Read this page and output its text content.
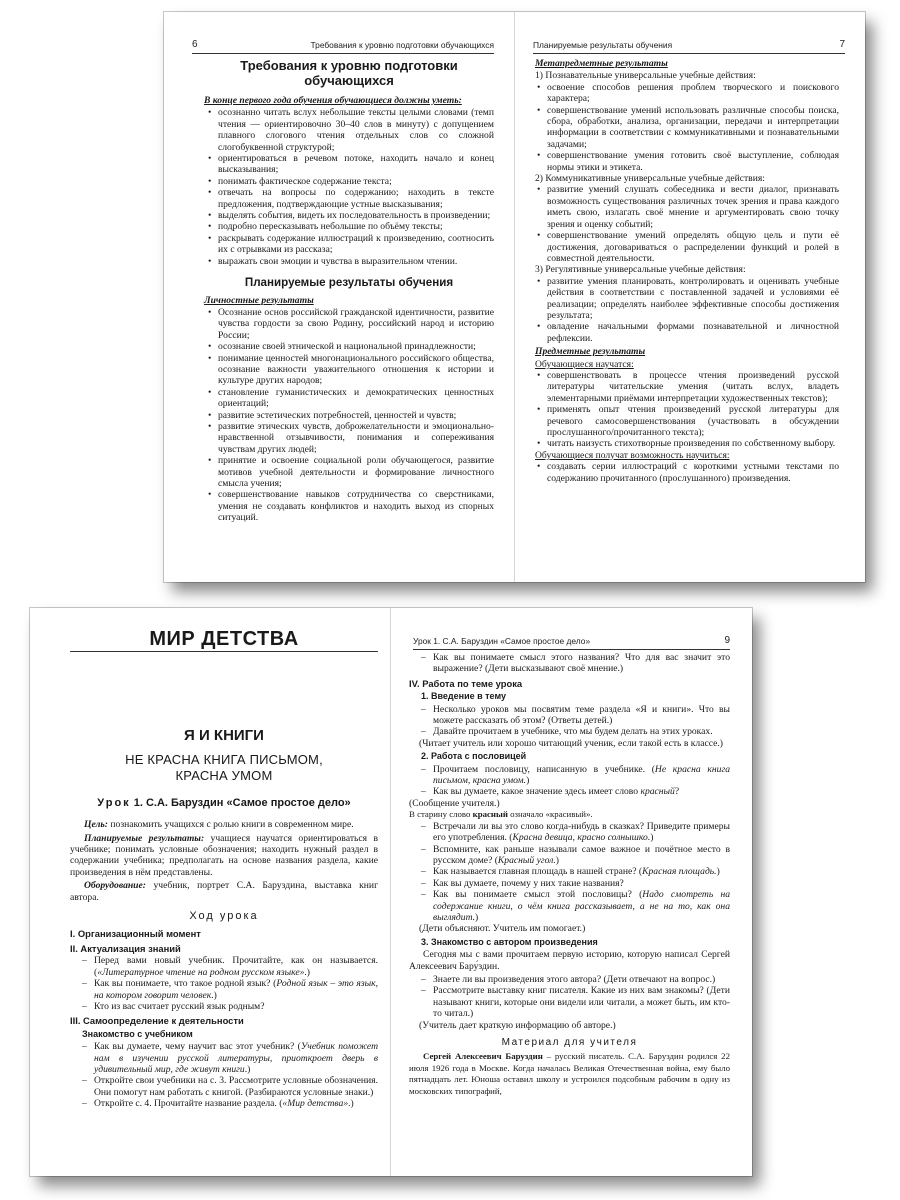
6	Требования к уровню подготовки обучающихся
Требования к уровню подготовки обучающихся
В конце первого года обучения обучающиеся должны уметь:
• осознанно читать вслух небольшие тексты целыми словами (темп чтения — ориентировочно 30–40 слов в минуту) с допущением плавного слогового чтения отдельных слов со сложной слогобуквенной структурой;
• ориентироваться в речевом потоке, находить начало и конец высказывания;
• понимать фактическое содержание текста;
• отвечать на вопросы по содержанию; находить в тексте предложения, подтверждающие устные высказывания;
• выделять события, видеть их последовательность в произведении;
• подробно пересказывать небольшие по объёму тексты;
• раскрывать содержание иллюстраций к произведению, соотносить их с отрывками из рассказа;
• выражать свои эмоции и чувства в выразительном чтении.
Планируемые результаты обучения
Личностные результаты
• Осознание основ российской гражданской идентичности, развитие чувства гордости за свою Родину, российский народ и историю России;
• осознание своей этнической и национальной принадлежности;
• понимание ценностей многонационального российского общества, осознание важности уважительного отношения к истории и культуре других народов;
• становление гуманистических и демократических ценностных ориентаций;
• развитие эстетических потребностей, ценностей и чувств;
• развитие этических чувств, доброжелательности и эмоционально-нравственной отзывчивости, понимания и сопереживания чувствам других людей;
• принятие и освоение социальной роли обучающегося, развитие мотивов учебной деятельности и формирование личностного смысла учения;
• совершенствование навыков сотрудничества со сверстниками, умения не создавать конфликтов и находить выход из спорных ситуаций.
Планируемые результаты обучения	7
Метапредметные результаты

1) Познавательные универсальные учебные действия:

• освоение способов решения проблем творческого и поискового характера;
• совершенствование умений использовать различные способы поиска, сбора, обработки, анализа, организации, передачи и интерпретации информации в соответствии с коммуникативными и познавательными задачами;
• совершенствование умения готовить своё выступление, соблюдая нормы этики и этикета.

2) Коммуникативные универсальные учебные действия:

• развитие умений слушать собеседника и вести диалог, признавать возможность существования различных точек зрения и права каждого иметь свою, излагать своё мнение и аргументировать свою точку зрения и оценку событий;
• совершенствование умений определять общую цель и пути её достижения, договариваться о распределении функций и ролей в совместной деятельности.

3) Регулятивные универсальные учебные действия:

• развитие умения планировать, контролировать и оценивать учебные действия в соответствии с поставленной задачей и условиями её реализации; определять наиболее эффективные способы достижения результата;
• овладение начальными формами познавательной и личностной рефлексии.
Предметные результаты

Обучающиеся научатся:

• совершенствовать в процессе чтения произведений русской литературы читательские умения (читать вслух, владеть элементарными приёмами интерпретации художественных текстов);
• применять опыт чтения произведений русской литературы для речевого самосовершенствования (участвовать в обсуждении прослушанного/прочитанного текста);
• читать наизусть стихотворные произведения по собственному выбору.

Обучающиеся получат возможность научиться:

• создавать серии иллюстраций с короткими устными текстами по содержанию прочитанного (прослушанного) произведения.
МИР ДЕТСТВА
Я И КНИГИ
НЕ КРАСНА КНИГА ПИСЬМОМ,
КРАСНА УМОМ
Урок 1. С.А. Баруздин «Самое простое дело»

Цель: познакомить учащихся с ролью книги в современном мире.

Планируемые результаты: учащиеся научатся ориентироваться в учебнике; понимать условные обозначения; находить нужный раздел в содержании учебника; предполагать на основе названия раздела, какие произведения в нём представлены.

Оборудование: учебник, портрет С.А. Баруздина, выставка книг автора.

Ход урока
I. Организационный момент
II. Актуализация знаний

– Перед вами новый учебник. Прочитайте, как он называется. («Литературное чтение на родном русском языке».)

– Как вы понимаете, что такое родной язык? (Родной язык – это язык, на котором говорит человек.)

– Кто из вас считает русский язык родным?

III. Самоопределение к деятельности
Знакомство с учебником

– Как вы думаете, чему научит вас этот учебник? (Учебник поможет нам в изучении русской литературы, приоткроет дверь в удивительный мир, где живут книги.)

– Откройте свои учебники на с. 3. Рассмотрите условные обозначения. Они помогут нам работать с книгой. (Разбираются условные знаки.)

– Откройте с. 4. Прочитайте название раздела. («Мир детства».)

Урок 1. С.А. Баруздин «Самое простое дело»	9

– Как вы понимаете смысл этого названия? Что для вас значит это выражение? (Дети высказывают своё мнение.)

IV. Работа по теме урока
1. Введение в тему

– Несколько уроков мы посвятим теме раздела «Я и книги». Что вы можете рассказать об этом? (Ответы детей.)

– Давайте прочитаем в учебнике, что мы будем делать на этих уроках.

(Читает учитель или хорошо читающий ученик, если такой есть в классе.)

2. Работа с пословицей

– Прочитаем пословицу, написанную в учебнике. (Не красна книга письмом, красна умом.)

– Как вы думаете, какое значение здесь имеет слово красный?

(Сообщение учителя.)

В старину слово красный означало «красивый».

– Встречали ли вы это слово когда-нибудь в сказках? Приведите примеры его употребления. (Красна девица, красно солнышко.)

– Вспомните, как раньше называли самое важное и почётное место в русском доме? (Красный угол.)

– Как называется главная площадь в нашей стране? (Красная площадь.)

– Как вы думаете, почему у них такие названия?

– Как вы понимаете смысл этой пословицы? (Надо смотреть на содержание книги, о чём книга рассказывает, а не на то, как она выглядит.)

(Дети объясняют. Учитель им помогает.)

3. Знакомство с автором произведения

Сегодня мы с вами прочитаем первую историю, которую написал Сергей Алексеевич Бару́здин.

– Знаете ли вы произведения этого автора? (Дети отвечают на вопрос.)

– Рассмотрите выставку книг писателя. Какие из них вам знакомы? (Дети называют книги, которые они видели или читали, а может быть, им кто-то читал.)

(Учитель дает краткую информацию об авторе.)

Материал для учителя

Сергей Алексеевич Баруздин – русский писатель. С.А. Баруздин родился 22 июля 1926 года в Москве. Когда началась Великая Отечественная война, ему было пятнадцать лет. Юноша оставил школу и устроился подсобным рабочим в одну из московских типографий,
